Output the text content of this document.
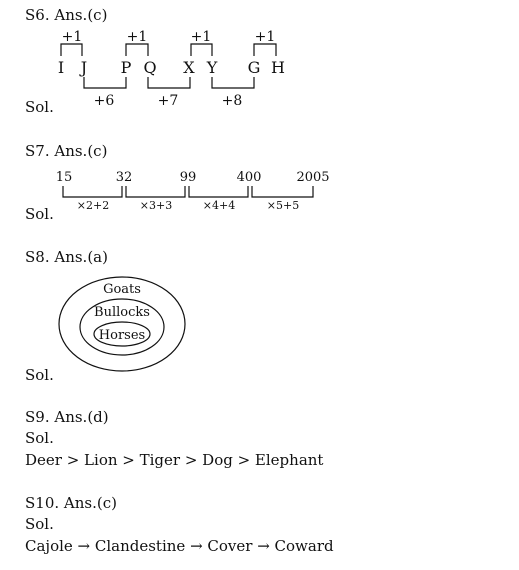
S6. Ans.(c)
+1	+1	+1	+1
I J P Q X Y G H
+6	+7	+8
Sol.
S7. Ans.(c)
15	32	99	400	2005
×2+2	×3+3	×4+4	×5+5
Sol.
S8. Ans.(a)
Goats
Bullocks
Horses
Sol.
S9. Ans.(d)
Sol.
Deer > Lion > Tiger > Dog > Elephant
S10. Ans.(c)
Sol.
Cajole → Clandestine → Cover → Coward
